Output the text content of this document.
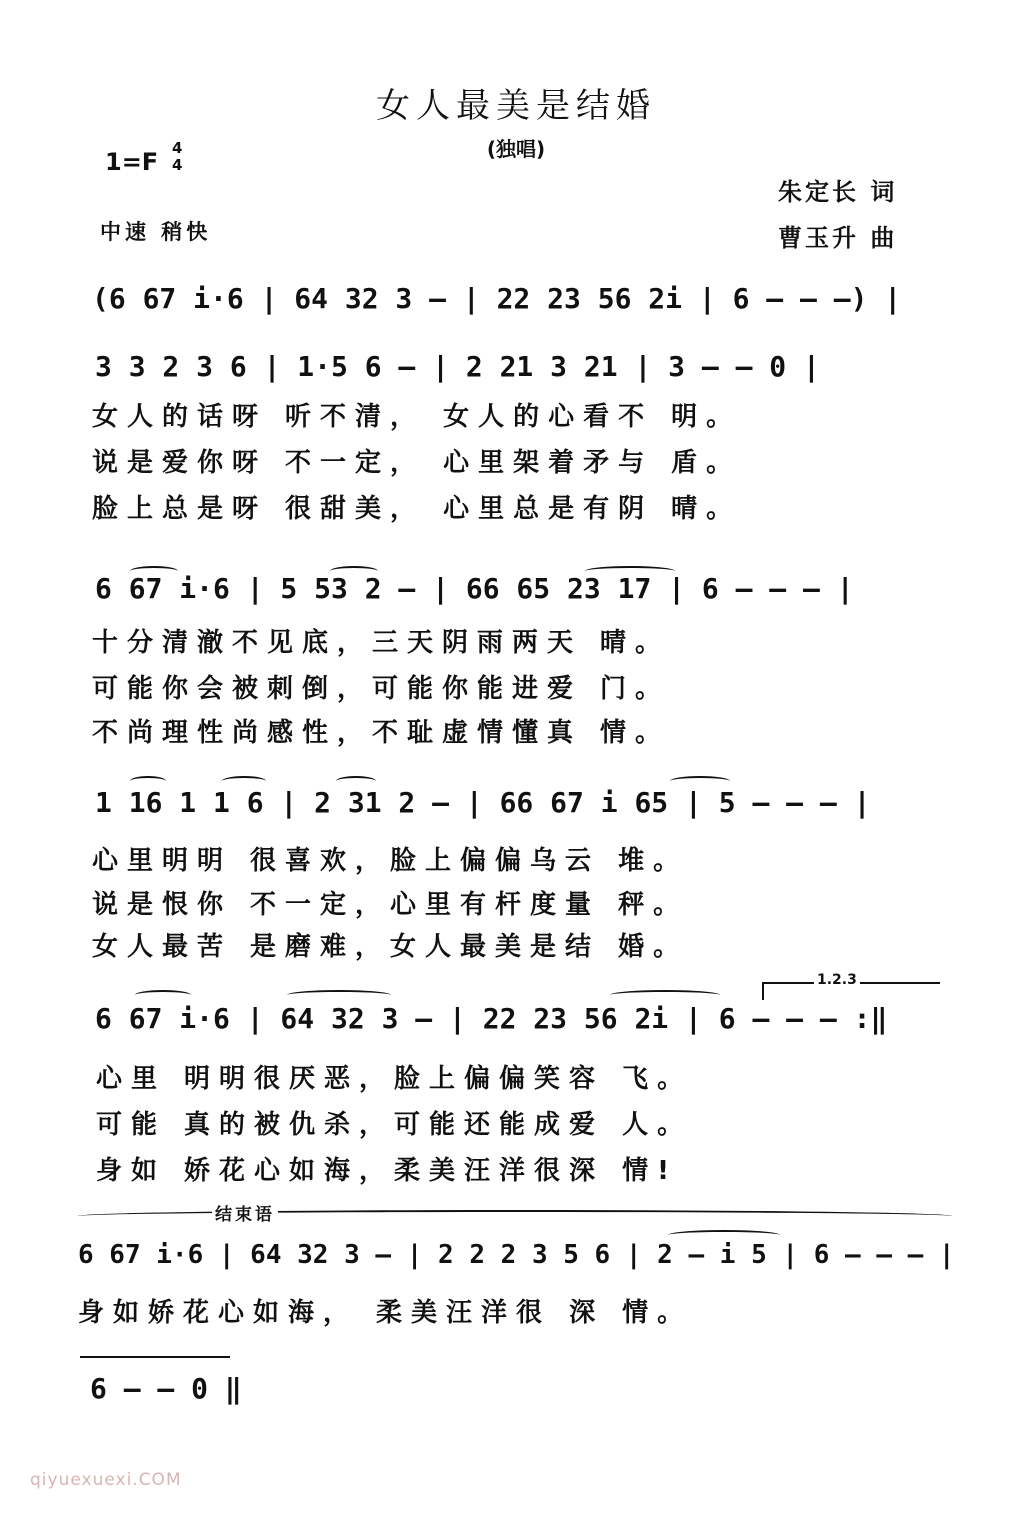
女人最美是结婚
(独唱)
1=F 4
4
朱定长 词
曹玉升 曲
中速 稍快
(6 67 i·6 | 64 32 3 – | 22 23 56 2i | 6 – – –) |
3 3 2 3 6 | 1·5 6 – | 2 21 3 21 | 3 – – 0 |
女人的话呀 听不清， 女人的心看不 明。
说是爱你呀 不一定， 心里架着矛与 盾。
脸上总是呀 很甜美， 心里总是有阴 晴。
6 67 i·6 | 5 53 2 – | 66 65 23 17 | 6 – – – |
十分清澈不见底，三天阴雨两天 晴。
可能你会被刺倒，可能你能进爱 门。
不尚理性尚感性，不耻虚情懂真 情。
1 16 1 1 6 | 2 31 2 – | 66 67 i 65 | 5 – – – |
心里明明 很喜欢，脸上偏偏乌云 堆。
说是恨你 不一定，心里有杆度量 秤。
女人最苦 是磨难，女人最美是结 婚。
1.2.3
6 67 i·6 | 64 32 3 – | 22 23 56 2i | 6 – – – :‖
心里 明明很厌恶，脸上偏偏笑容 飞。
可能 真的被仇杀，可能还能成爱 人。
身如 娇花心如海，柔美汪洋很深 情!
结束语
6 67 i·6 | 64 32 3 – | 2 2 2 3 5 6 | 2 – i 5 | 6 – – – |
身如娇花心如海， 柔美汪洋很 深 情。
6 – – 0 ‖
qiyuexuexi.COM
